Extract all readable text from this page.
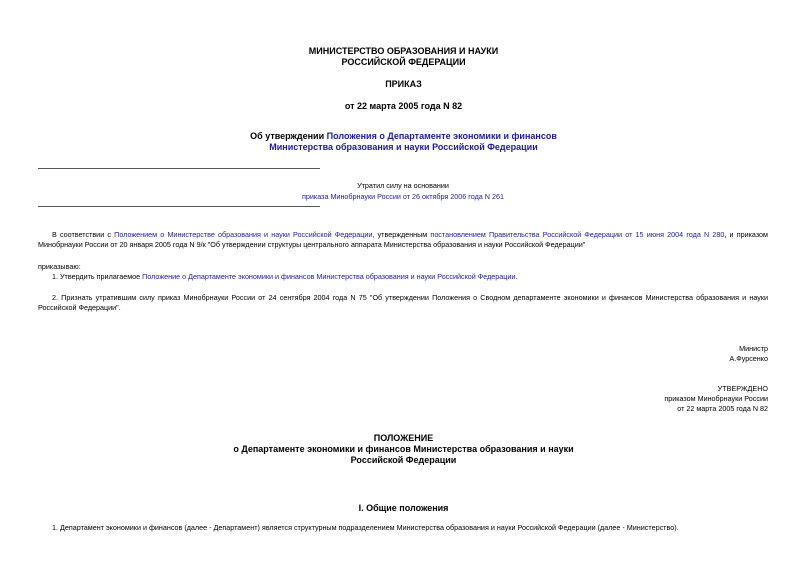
МИНИСТЕРСТВО ОБРАЗОВАНИЯ И НАУКИ
РОССИЙСКОЙ ФЕДЕРАЦИИ
ПРИКАЗ
от 22 марта 2005 года N 82
Об утверждении Положения о Департаменте экономики и финансов
Министерства образования и науки Российской Федерации
Утратил силу на основании
приказа Минобрнауки России от 26 октября 2006 года N 261
В соответствии с Положением о Министерстве образования и науки Российской Федерации, утвержденным постановлением Правительства Российской Федерации от 15 июня 2004 года N 280, и приказом
Минобрнауки России от 20 января 2005 года N 9/к "Об утверждении структуры центрального аппарата Министерства образования и науки Российской Федерации"
приказываю:
1. Утвердить прилагаемое Положение о Департаменте экономики и финансов Министерства образования и науки Российской Федерации.
2. Признать утратившим силу приказ Минобрнауки России от 24 сентября 2004 года N 75 "Об утверждении Положения о Сводном департаменте экономики и финансов Министерства образования и науки Российской Федерации".
Министр
А.Фурсенко
УТВЕРЖДЕНО
приказом Минобрнауки России
от 22 марта 2005 года N 82
ПОЛОЖЕНИЕ
о Департаменте экономики и финансов Министерства образования и науки
Российской Федерации
I. Общие положения
1. Департамент экономики и финансов (далее - Департамент) является структурным подразделением Министерства образования и науки Российской Федерации (далее - Министерство).
